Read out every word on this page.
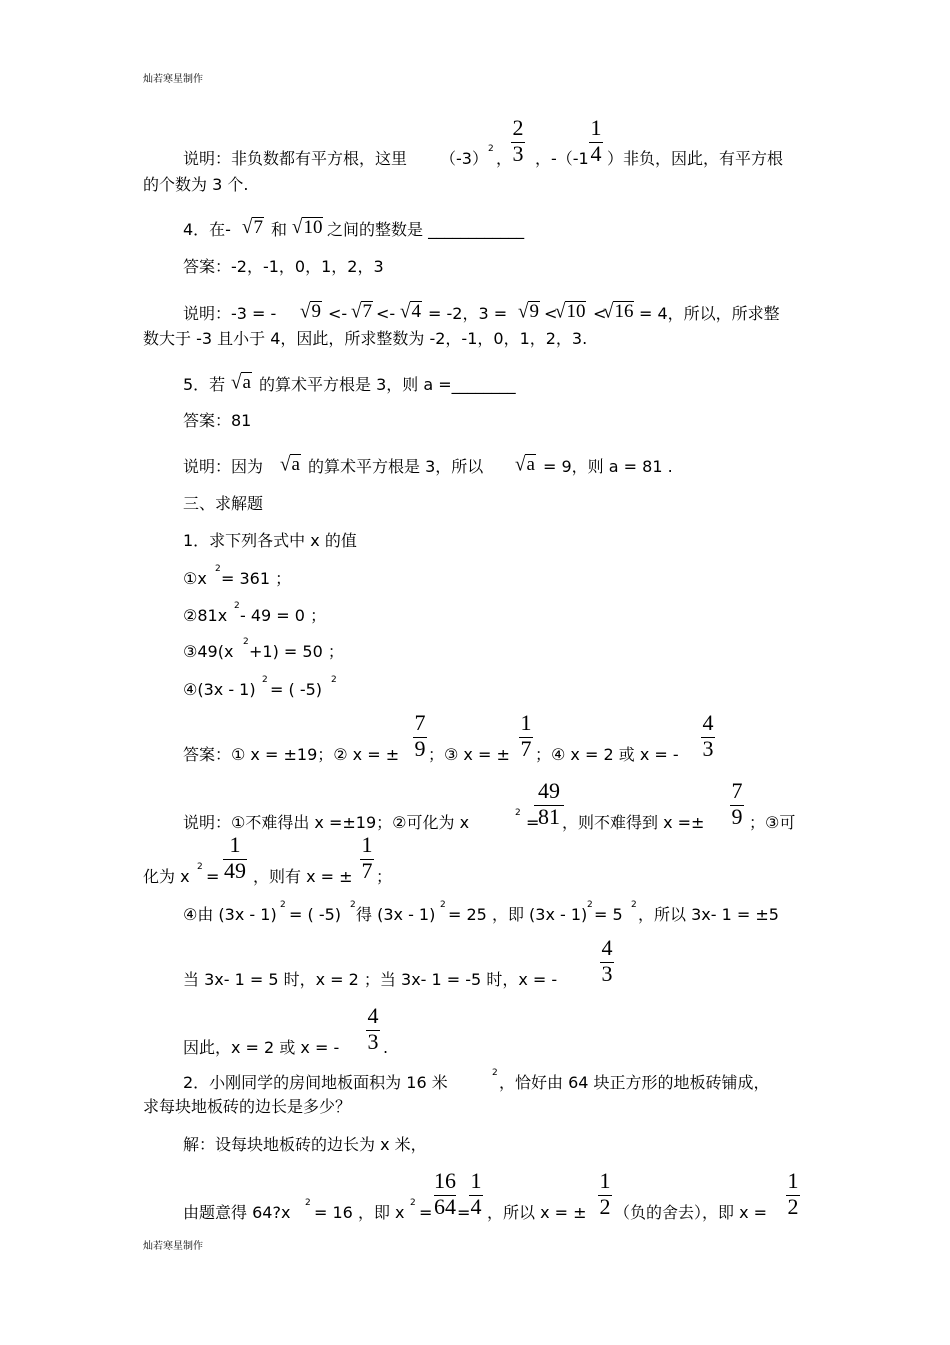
灿若寒星制作
说明：非负数都有平方根，这里 （-3） 2 ， ，-（-1 ）非负，因此，有平方根
2
3
1
4
的个数为 3 个.
4．在-	和 之间的整数是 ____________
√7 √10
答案：-2，-1，0，1，2，3
说明：-3 = -	<- <- = -2，3 = < < = 4，所以，所求整
√9 √7 √4	√9 √10 √16
数大于 -3 且小于 4，因此，所求整数为 -2，-1，0，1，2，3.
5．若 的算术平方根是 3，则 a =________
√a
答案：81
说明：因为	的算术平方根是 3，所以	= 9，则 a = 81 .
√a	√a
三、求解题
1．求下列各式中 x 的值
①x 2 = 361 ；
②81x 2 - 49 = 0 ；
③49(x 2 +1) = 50 ；
④(3x - 1) 2 = ( -5) 2
答案：① x = ±19；② x = ± ；③ x = ± ；④ x = 2 或 x = -
7
9
1
7
4
3
说明：①不难得出 x =±19；②可化为 x	2 = ，则不难得到 x =±	；③可
49
81
7
9
化为 x 2 = ，则有 x = ± ；
1
49
1
7
④由 (3x - 1) 2 = ( -5) 2 得 (3x - 1) 2 = 25 ，即 (3x - 1) 2 = 5 2 ，所以 3x- 1 = ±5
当 3x- 1 = 5 时，x = 2 ；当 3x- 1 = -5 时，x = -
4
3
因此，x = 2 或 x = -	.
4
3
2．小刚同学的房间地板面积为 16 米	2 ，恰好由 64 块正方形的地板砖铺成，
求每块地板砖的边长是多少？
解：设每块地板砖的边长为 x 米，
由题意得 64?x 2 = 16 ，即 x 2 = = ，所以 x = ± （负的舍去），即 x =
16
64
1
4
1
2
1
2
灿若寒星制作
